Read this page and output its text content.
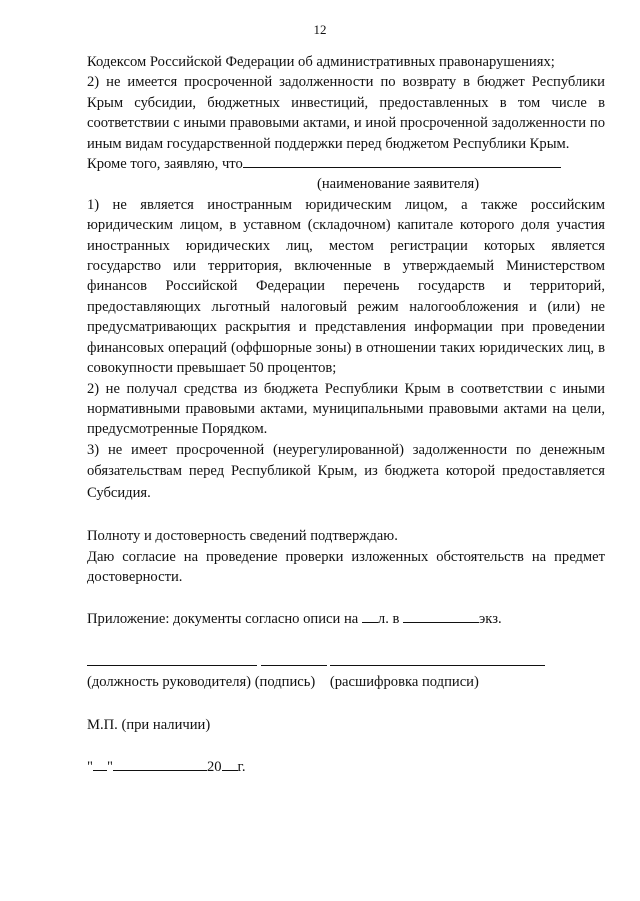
12

Кодексом Российской Федерации об административных правонарушениях;

2) не имеется просроченной задолженности по возврату в бюджет Республики Крым субсидии, бюджетных инвестиций, предоставленных в том числе в соответствии с иными правовыми актами, и иной просроченной задолженности по иным видам государственной поддержки перед бюджетом Республики Крым.

Кроме того, заявляю, что

(наименование заявителя)

1) не является иностранным юридическим лицом, а также российским юридическим лицом, в уставном (складочном) капитале которого доля участия иностранных юридических лиц, местом регистрации которых является государство или территория, включенные в утверждаемый Министерством финансов Российской Федерации перечень государств и территорий, предоставляющих льготный налоговый режим налогообложения и (или) не предусматривающих раскрытия и представления информации при проведении финансовых операций (оффшорные зоны) в отношении таких юридических лиц, в совокупности превышает 50 процентов;

2) не получал средства из бюджета Республики Крым в соответствии с иными нормативными правовыми актами, муниципальными правовыми актами на цели, предусмотренные Порядком.

3) не имеет просроченной (неурегулированной) задолженности по денежным обязательствам перед Республикой Крым, из бюджета которой предоставляется Субсидия.

Полноту и достоверность сведений подтверждаю.

Даю согласие на проведение проверки изложенных обстоятельств на предмет достоверности.

Приложение: документы согласно описи на л. в	экз.

(должность руководителя) (подпись)    (расшифровка подписи)

М.П. (при наличии)

" "	20 г.
